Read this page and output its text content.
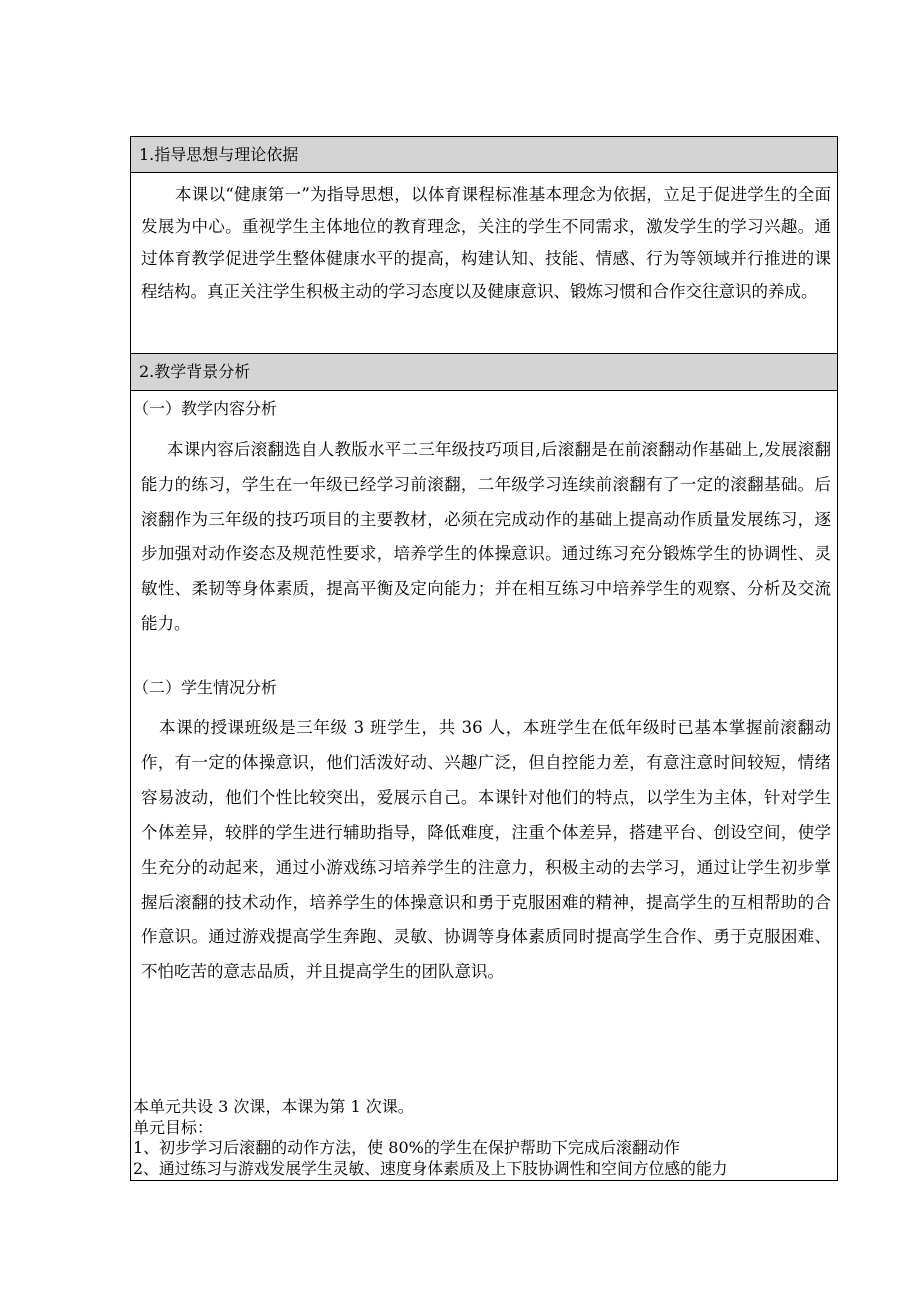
1.指导思想与理论依据

本课以“健康第一”为指导思想，以体育课程标准基本理念为依据，立足于促进学生的全面发展为中心。重视学生主体地位的教育理念，关注的学生不同需求，激发学生的学习兴趣。通过体育教学促进学生整体健康水平的提高，构建认知、技能、情感、行为等领域并行推进的课程结构。真正关注学生积极主动的学习态度以及健康意识、锻炼习惯和合作交往意识的养成。

2.教学背景分析

（一）教学内容分析

本课内容后滚翻选自人教版水平二三年级技巧项目,后滚翻是在前滚翻动作基础上,发展滚翻能力的练习，学生在一年级已经学习前滚翻，二年级学习连续前滚翻有了一定的滚翻基础。后滚翻作为三年级的技巧项目的主要教材，必须在完成动作的基础上提高动作质量发展练习，逐步加强对动作姿态及规范性要求，培养学生的体操意识。通过练习充分锻炼学生的协调性、灵敏性、柔韧等身体素质，提高平衡及定向能力；并在相互练习中培养学生的观察、分析及交流能力。

（二）学生情况分析

本课的授课班级是三年级 3 班学生，共 36 人，本班学生在低年级时已基本掌握前滚翻动作，有一定的体操意识，他们活泼好动、兴趣广泛，但自控能力差，有意注意时间较短，情绪容易波动，他们个性比较突出，爱展示自己。本课针对他们的特点，以学生为主体，针对学生个体差异，较胖的学生进行辅助指导，降低难度，注重个体差异，搭建平台、创设空间，使学生充分的动起来，通过小游戏练习培养学生的注意力，积极主动的去学习，通过让学生初步掌握后滚翻的技术动作，培养学生的体操意识和勇于克服困难的精神，提高学生的互相帮助的合作意识。通过游戏提高学生奔跑、灵敏、协调等身体素质同时提高学生合作、勇于克服困难、不怕吃苦的意志品质，并且提高学生的团队意识。

本单元共设 3 次课，本课为第 1 次课。

单元目标：

1、初步学习后滚翻的动作方法，使 80%的学生在保护帮助下完成后滚翻动作

2、通过练习与游戏发展学生灵敏、速度身体素质及上下肢协调性和空间方位感的能力
